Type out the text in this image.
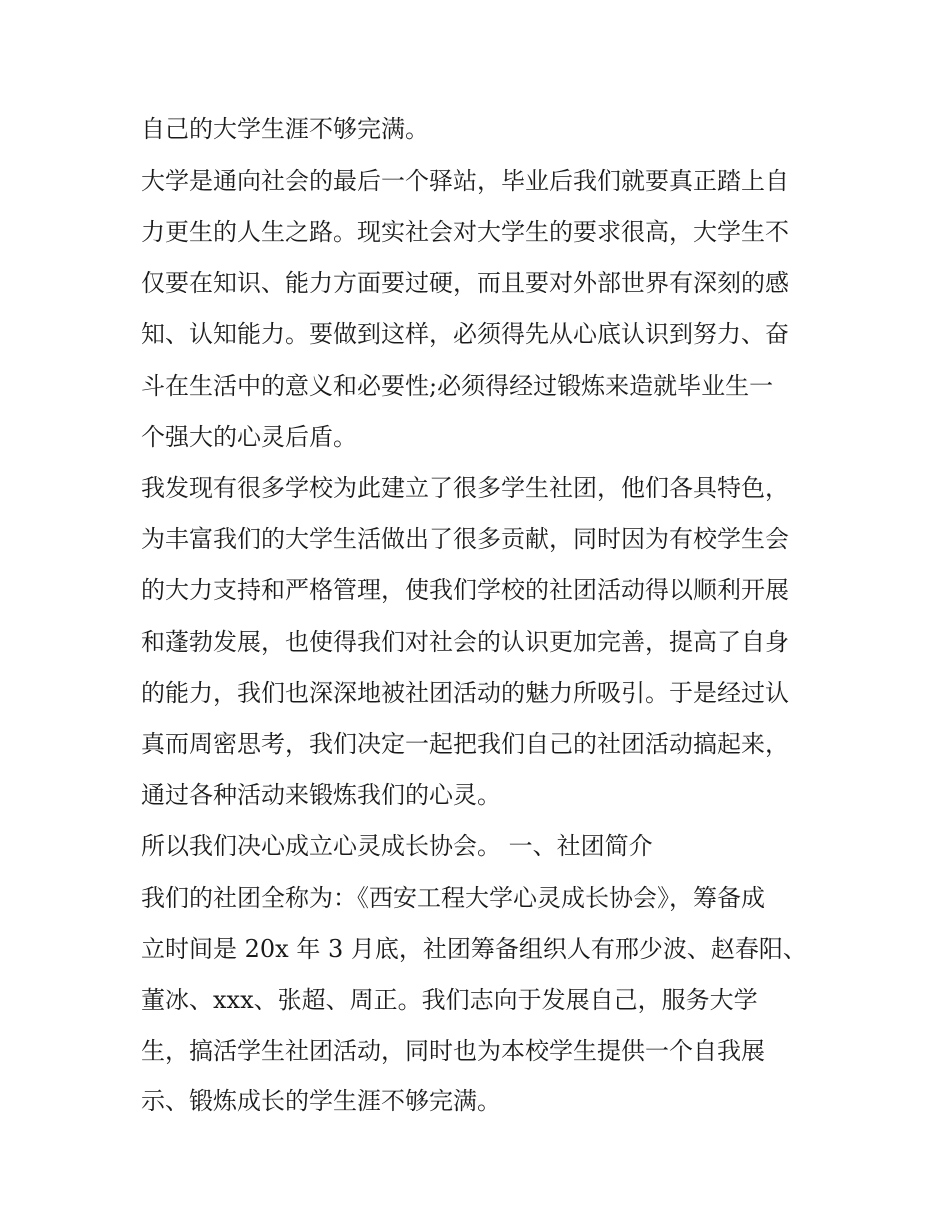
自己的大学生涯不够完满。
大学是通向社会的最后一个驿站，毕业后我们就要真正踏上自
力更生的人生之路。现实社会对大学生的要求很高，大学生不
仅要在知识、能力方面要过硬，而且要对外部世界有深刻的感
知、认知能力。要做到这样，必须得先从心底认识到努力、奋
斗在生活中的意义和必要性;必须得经过锻炼来造就毕业生一
个强大的心灵后盾。
我发现有很多学校为此建立了很多学生社团，他们各具特色，
为丰富我们的大学生活做出了很多贡献，同时因为有校学生会
的大力支持和严格管理，使我们学校的社团活动得以顺利开展
和蓬勃发展，也使得我们对社会的认识更加完善，提高了自身
的能力，我们也深深地被社团活动的魅力所吸引。于是经过认
真而周密思考，我们决定一起把我们自己的社团活动搞起来，
通过各种活动来锻炼我们的心灵。
所以我们决心成立心灵成长协会。 一、社团简介
我们的社团全称为：《西安工程大学心灵成长协会》，筹备成
立时间是 20x 年 3 月底，社团筹备组织人有邢少波、赵春阳、
董冰、xxx、张超、周正。我们志向于发展自己，服务大学
生，搞活学生社团活动，同时也为本校学生提供一个自我展
示、锻炼成长的学生涯不够完满。
